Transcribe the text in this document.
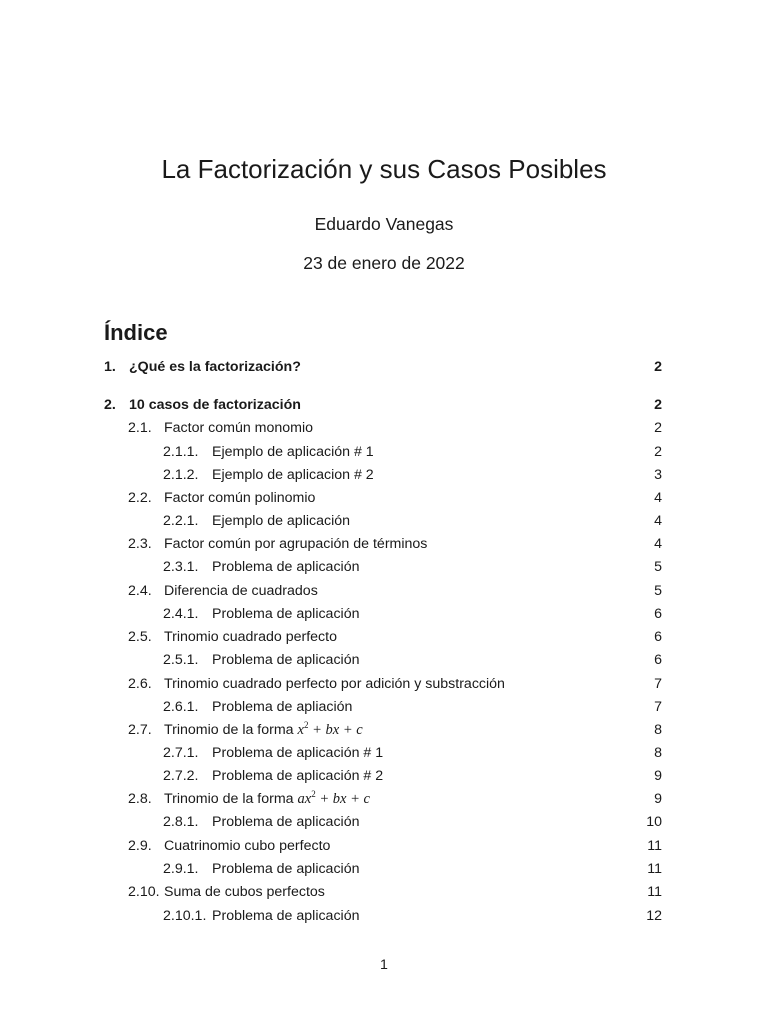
La Factorización y sus Casos Posibles
Eduardo Vanegas
23 de enero de 2022
Índice
1. ¿Qué es la factorización?	2
2. 10 casos de factorización	2
2.1. Factor común monomio	2
2.1.1. Ejemplo de aplicación # 1	2
2.1.2. Ejemplo de aplicacion # 2	3
2.2. Factor común polinomio	4
2.2.1. Ejemplo de aplicación	4
2.3. Factor común por agrupación de términos	4
2.3.1. Problema de aplicación	5
2.4. Diferencia de cuadrados	5
2.4.1. Problema de aplicación	6
2.5. Trinomio cuadrado perfecto	6
2.5.1. Problema de aplicación	6
2.6. Trinomio cuadrado perfecto por adición y substracción	7
2.6.1. Problema de apliación	7
2.7. Trinomio de la forma $x^2$ + bx + c	8
2.7.1. Problema de aplicación # 1	8
2.7.2. Problema de aplicación # 2	9
2.8. Trinomio de la forma $ax^2$ + bx + c	9
2.8.1. Problema de aplicación	10
2.9. Cuatrinomio cubo perfecto	11
2.9.1. Problema de aplicación	11
2.10. Suma de cubos perfectos	11
2.10.1. Problema de aplicación	12
1
